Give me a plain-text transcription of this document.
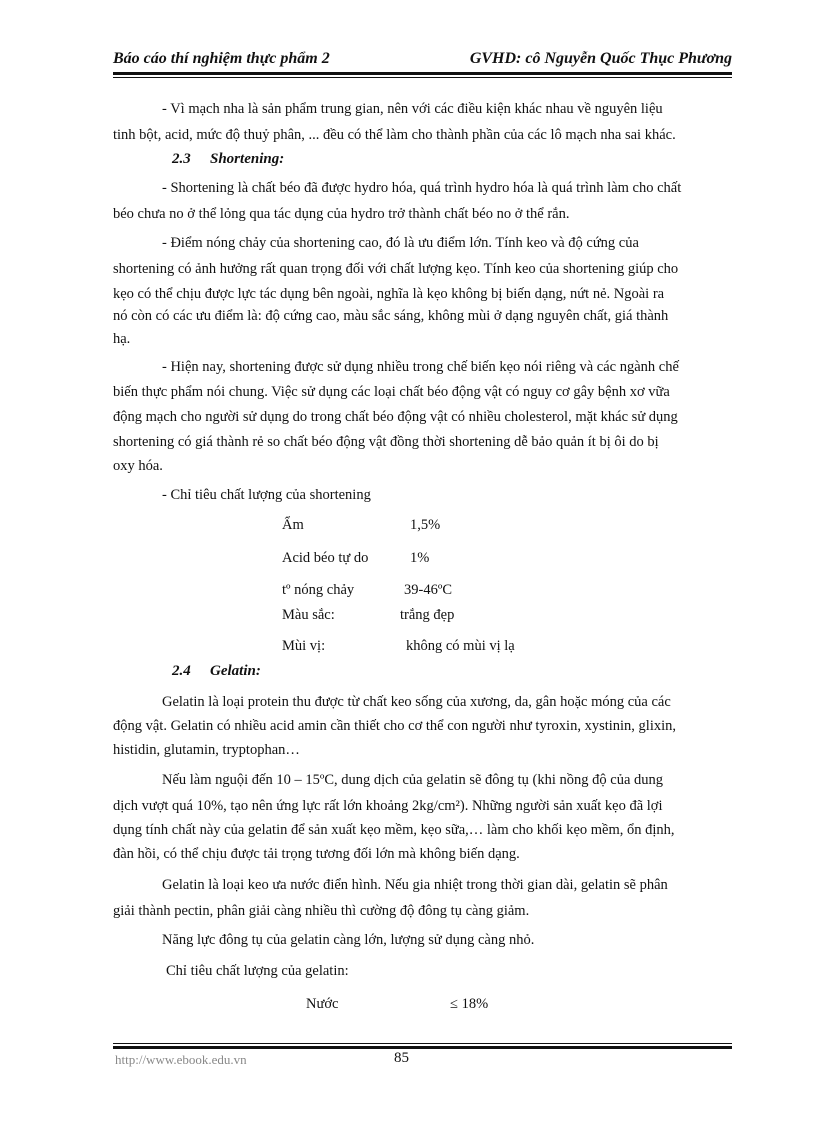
Báo cáo thí nghiệm thực phẩm 2	GVHD: cô Nguyễn Quốc Thục Phương
- Vì mạch nha là sản phẩm trung gian, nên với các điều kiện khác nhau về nguyên liệu
tinh bột, acid, mức độ thuỷ phân, ... đều có thể làm cho thành phần của các lô mạch nha sai khác.
2.3 Shortening:
- Shortening là chất béo đã được hydro hóa, quá trình hydro hóa là quá trình làm cho chất
béo chưa no ở thể lỏng qua tác dụng của hydro trở thành chất béo no ở thể rắn.
- Điểm nóng chảy của shortening cao, đó là ưu điểm lớn. Tính keo và độ cứng của
shortening có ảnh hưởng rất quan trọng đối với chất lượng kẹo. Tính keo của shortening giúp cho
kẹo có thể chịu được lực tác dụng bên ngoài, nghĩa là kẹo không bị biến dạng, nứt nẻ. Ngoài ra
nó còn có các ưu điểm là: độ cứng cao, màu sắc sáng, không mùi ở dạng nguyên chất, giá thành
hạ.
- Hiện nay, shortening được sử dụng nhiều trong chế biến kẹo nói riêng và các ngành chế
biến thực phẩm nói chung. Việc sử dụng các loại chất béo động vật có nguy cơ gây bệnh xơ vữa
động mạch cho người sử dụng do trong chất béo động vật có nhiều cholesterol, mặt khác sử dụng
shortening có giá thành rẻ so chất béo động vật đồng thời shortening dễ bảo quản ít bị ôi do bị
oxy hóa.
- Chỉ tiêu chất lượng của shortening
Ẩm	1,5%
Acid béo tự do	1%
tº nóng chảy	39-46ºC
Màu sắc:	trắng đẹp
Mùi vị:	không có mùi vị lạ
2.4 Gelatin:
Gelatin là loại protein thu được từ chất keo sống của xương, da, gân hoặc móng của các
động vật. Gelatin có nhiều acid amin cần thiết cho cơ thể con người như tyroxin, xystinin, glixin,
histidin, glutamin, tryptophan…
Nếu làm nguội đến 10 – 15ºC, dung dịch của gelatin sẽ đông tụ (khi nồng độ của dung
dịch vượt quá 10%, tạo nên ứng lực rất lớn khoảng 2kg/cm²). Những người sản xuất kẹo đã lợi
dụng tính chất này của gelatin để sản xuất kẹo mềm, kẹo sữa,… làm cho khối kẹo mềm, ổn định,
đàn hồi, có thể chịu được tải trọng tương đối lớn mà không biến dạng.
Gelatin là loại keo ưa nước điển hình. Nếu gia nhiệt trong thời gian dài, gelatin sẽ phân
giải thành pectin, phân giải càng nhiều thì cường độ đông tụ càng giảm.
Năng lực đông tụ của gelatin càng lớn, lượng sử dụng càng nhỏ.
Chỉ tiêu chất lượng của gelatin:
Nước	≤ 18%
http://www.ebook.edu.vn	85
